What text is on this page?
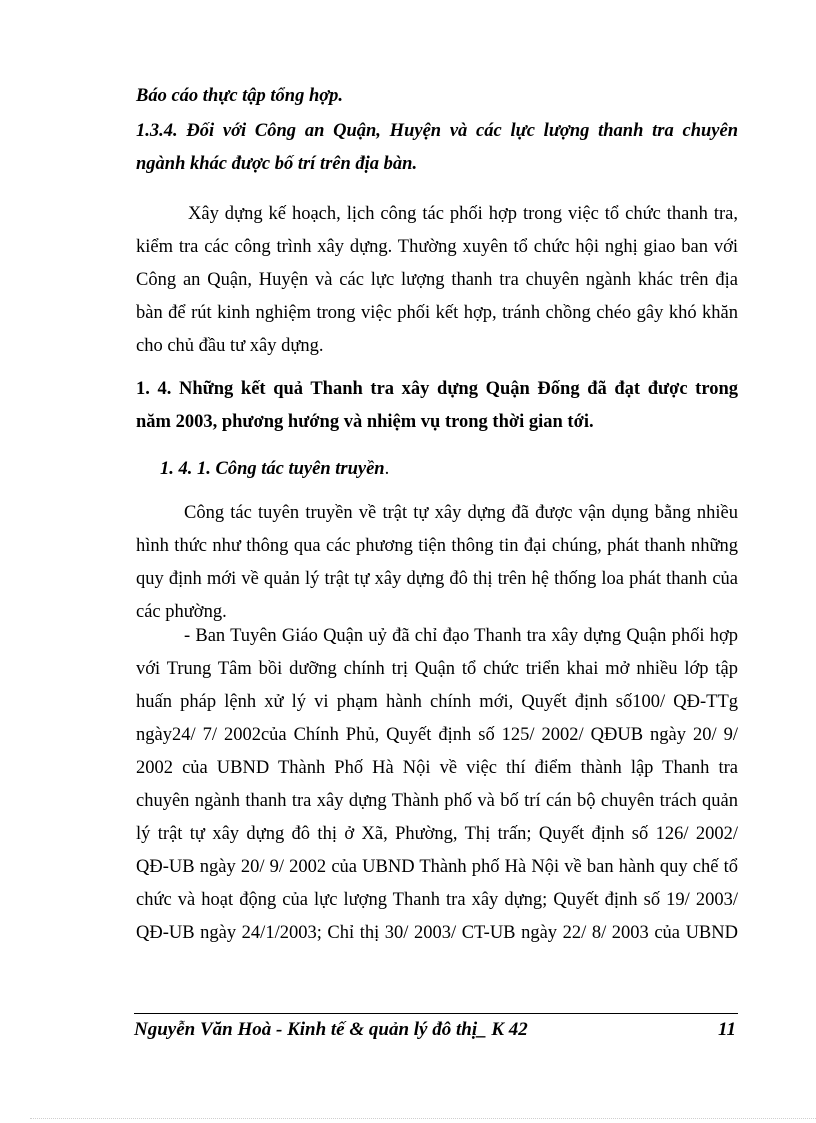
Báo cáo thực tập tổng hợp.
1.3.4. Đối với Công an Quận, Huyện và các lực lượng thanh tra chuyên
ngành khác được bố trí trên địa bàn.
Xây dựng kế hoạch, lịch công tác phối hợp trong việc tổ chức thanh tra,
kiểm tra các công trình xây dựng. Thường xuyên tổ chức hội nghị giao ban với
Công an Quận, Huyện và các lực lượng thanh tra chuyên ngành khác trên địa
bàn để rút kinh nghiệm trong việc phối kết hợp, tránh chồng chéo gây khó khăn
cho chủ đầu tư xây dựng.
1. 4. Những kết quả Thanh tra xây dựng Quận Đống đã đạt được trong
năm 2003, phương hướng và nhiệm vụ trong thời gian tới.
1. 4. 1. Công tác tuyên truyền.
Công tác tuyên truyền về trật tự xây dựng đã được vận dụng bằng nhiều
hình thức như thông qua các phương tiện thông tin đại chúng, phát thanh những
quy định mới về quản lý trật tự xây dựng đô thị trên hệ thống loa phát thanh của
các phường.
- Ban Tuyên Giáo Quận uỷ đã chỉ đạo Thanh tra xây dựng Quận phối hợp
với Trung Tâm bồi dưỡng chính trị Quận tổ chức triển khai mở nhiều lớp tập
huấn pháp lệnh xử lý vi phạm hành chính mới, Quyết định số100/ QĐ-TTg
ngày24/ 7/ 2002của Chính Phủ, Quyết định số 125/ 2002/ QĐUB ngày 20/ 9/
2002 của UBND Thành Phố Hà Nội về việc thí điểm thành lập Thanh tra
chuyên ngành thanh tra xây dựng Thành phố và bố trí cán bộ chuyên trách quản
lý trật tự xây dựng đô thị ở Xã, Phường, Thị trấn; Quyết định số 126/ 2002/
QĐ-UB ngày 20/ 9/ 2002 của UBND Thành phố Hà Nội về ban hành quy chế tổ
chức và hoạt động của lực lượng Thanh tra xây dựng; Quyết định số 19/ 2003/
QĐ-UB ngày 24/1/2003; Chỉ thị 30/ 2003/ CT-UB ngày 22/ 8/ 2003 của UBND
Nguyễn Văn Hoà - Kinh tế & quản lý đô thị_ K 42	11
